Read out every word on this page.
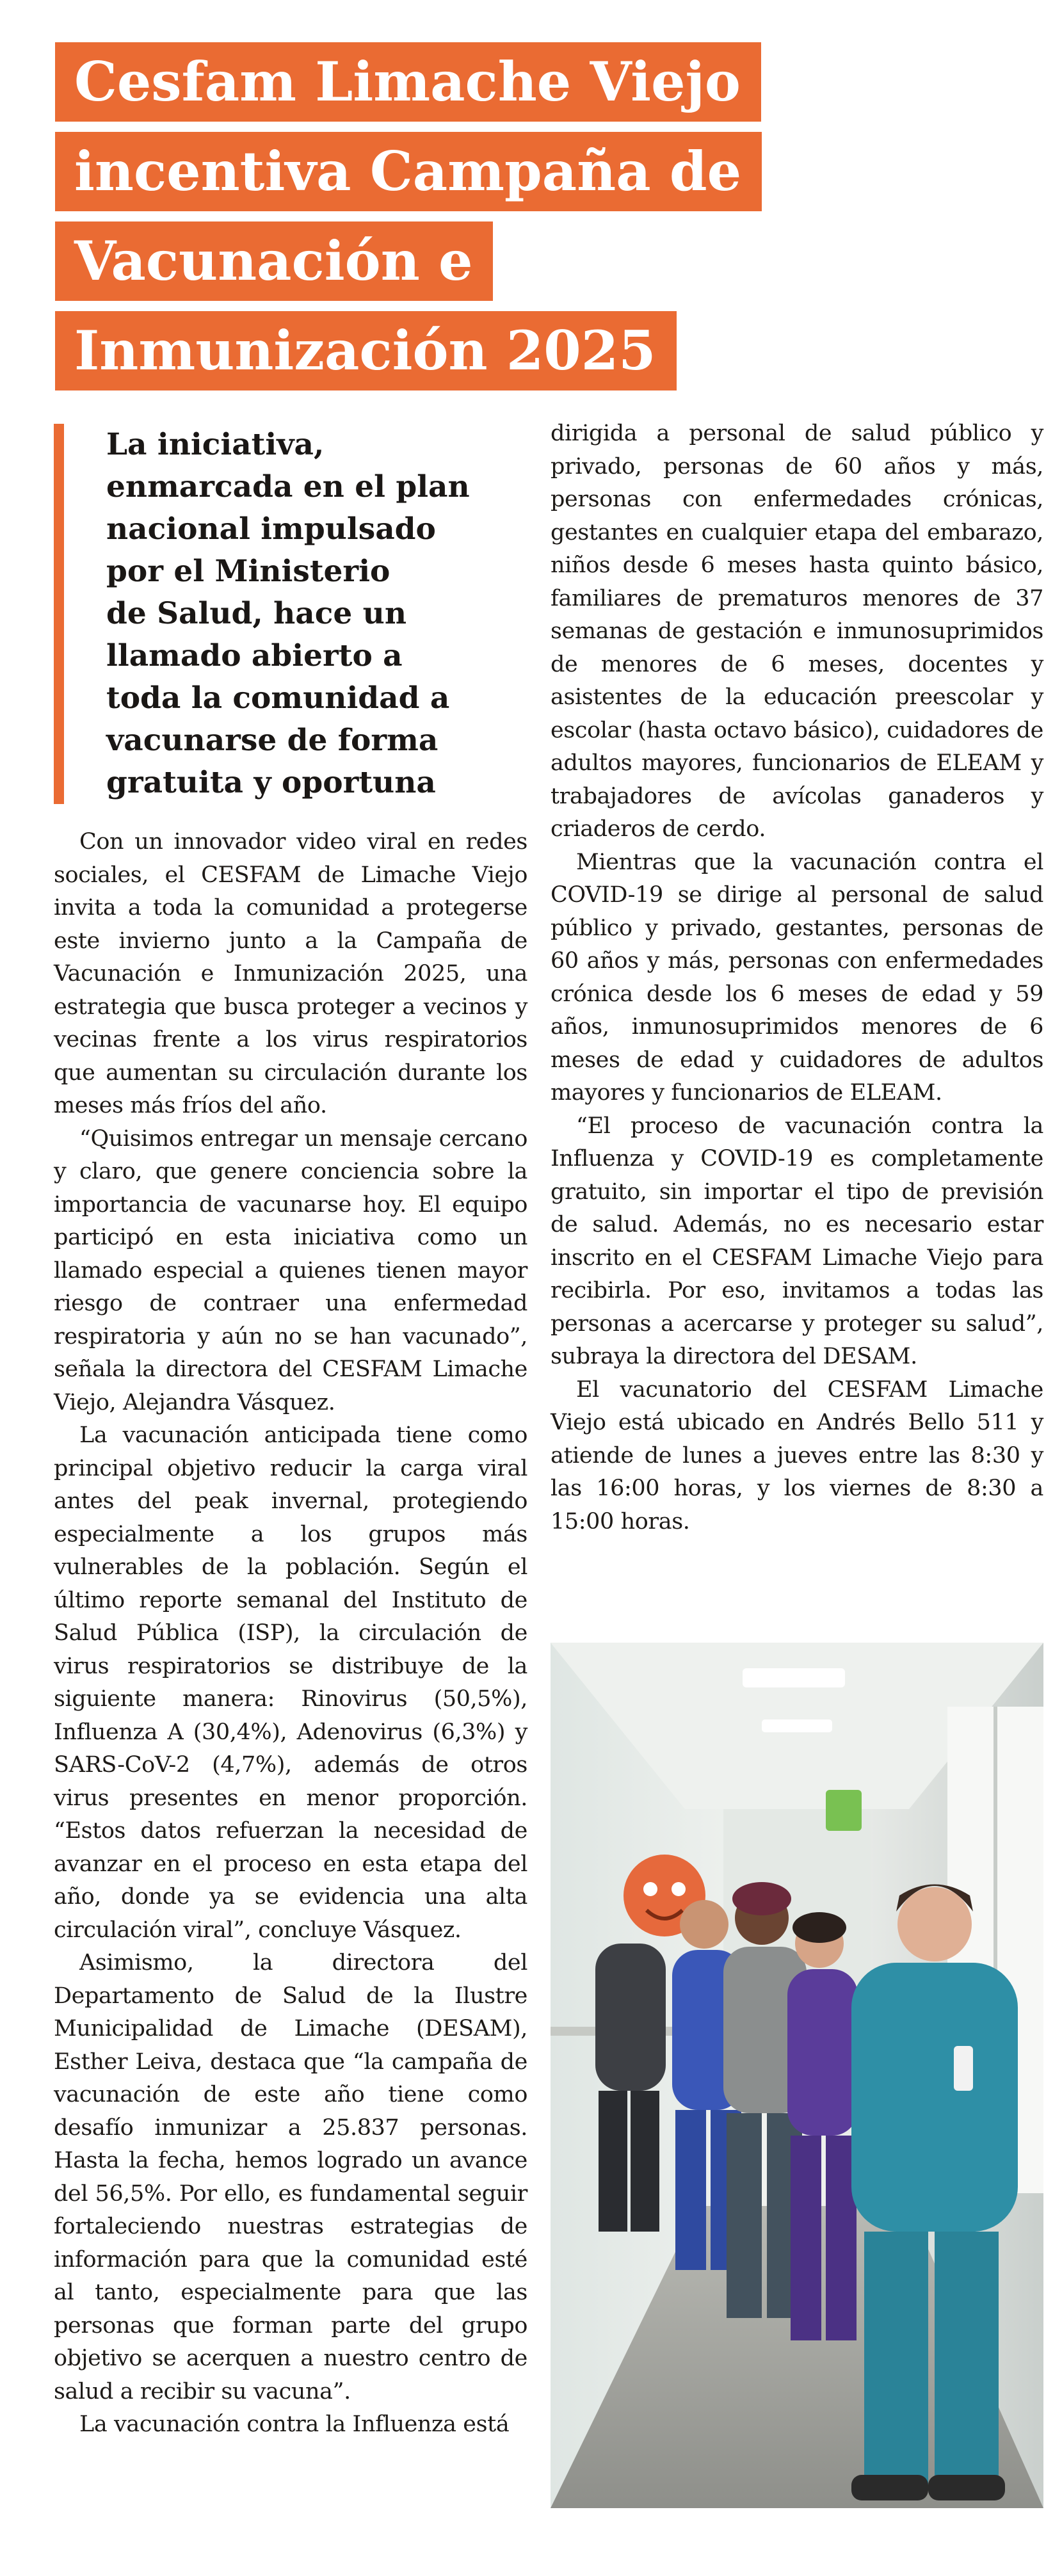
Cesfam Limache Viejo incentiva Campaña de Vacunación e Inmunización 2025
La iniciativa,
enmarcada en el plan
nacional impulsado
por el Ministerio
de Salud, hace un
llamado abierto a
toda la comunidad a
vacunarse de forma
gratuita y oportuna

Con un innovador video viral en redes sociales, el CESFAM de Limache Viejo invita a toda la comunidad a protegerse este invierno junto a la Campaña de Vacunación e Inmunización 2025, una estrategia que busca proteger a vecinos y vecinas frente a los virus respiratorios que aumentan su circulación durante los meses más fríos del año.

“Quisimos entregar un mensaje cercano y claro, que genere conciencia sobre la importancia de vacunarse hoy. El equipo participó en esta iniciativa como un llamado especial a quienes tienen mayor riesgo de contraer una enfermedad respiratoria y aún no se han vacunado”, señala la directora del CESFAM Limache Viejo, Alejandra Vásquez.

La vacunación anticipada tiene como principal objetivo reducir la carga viral antes del peak invernal, protegiendo especialmente a los grupos más vulnerables de la población. Según el último reporte semanal del Instituto de Salud Pública (ISP), la circulación de virus respiratorios se distribuye de la siguiente manera: Rinovirus (50,5%), Influenza A (30,4%), Adenovirus (6,3%) y SARS-CoV-2 (4,7%), además de otros virus presentes en menor proporción. “Estos datos refuerzan la necesidad de avanzar en el proceso en esta etapa del año, donde ya se evidencia una alta circulación viral”, concluye Vásquez.

Asimismo, la directora del Departamento de Salud de la Ilustre Municipalidad de Limache (DESAM), Esther Leiva, destaca que “la campaña de vacunación de este año tiene como desafío inmunizar a 25.837 personas. Hasta la fecha, hemos logrado un avance del 56,5%. Por ello, es fundamental seguir fortaleciendo nuestras estrategias de información para que la comunidad esté al tanto, especialmente para que las personas que forman parte del grupo objetivo se acerquen a nuestro centro de salud a recibir su vacuna”.

La vacunación contra la Influenza está

dirigida a personal de salud público y privado, personas de 60 años y más, personas con enfermedades crónicas, gestantes en cualquier etapa del embarazo, niños desde 6 meses hasta quinto básico, familiares de prematuros menores de 37 semanas de gestación e inmunosuprimidos de menores de 6 meses, docentes y asistentes de la educación preescolar y escolar (hasta octavo básico), cuidadores de adultos mayores, funcionarios de ELEAM y trabajadores de avícolas ganaderos y criaderos de cerdo.

Mientras que la vacunación contra el COVID-19 se dirige al personal de salud público y privado, gestantes, personas de 60 años y más, personas con enfermedades crónica desde los 6 meses de edad y 59 años, inmunosuprimidos menores de 6 meses de edad y cuidadores de adultos mayores y funcionarios de ELEAM.

“El proceso de vacunación contra la Influenza y COVID-19 es completamente gratuito, sin importar el tipo de previsión de salud. Además, no es necesario estar inscrito en el CESFAM Limache Viejo para recibirla. Por eso, invitamos a todas las personas a acercarse y proteger su salud”, subraya la directora del DESAM.

El vacunatorio del CESFAM Limache Viejo está ubicado en Andrés Bello 511 y atiende de lunes a jueves entre las 8:30 y las 16:00 horas, y los viernes de 8:30 a 15:00 horas.
